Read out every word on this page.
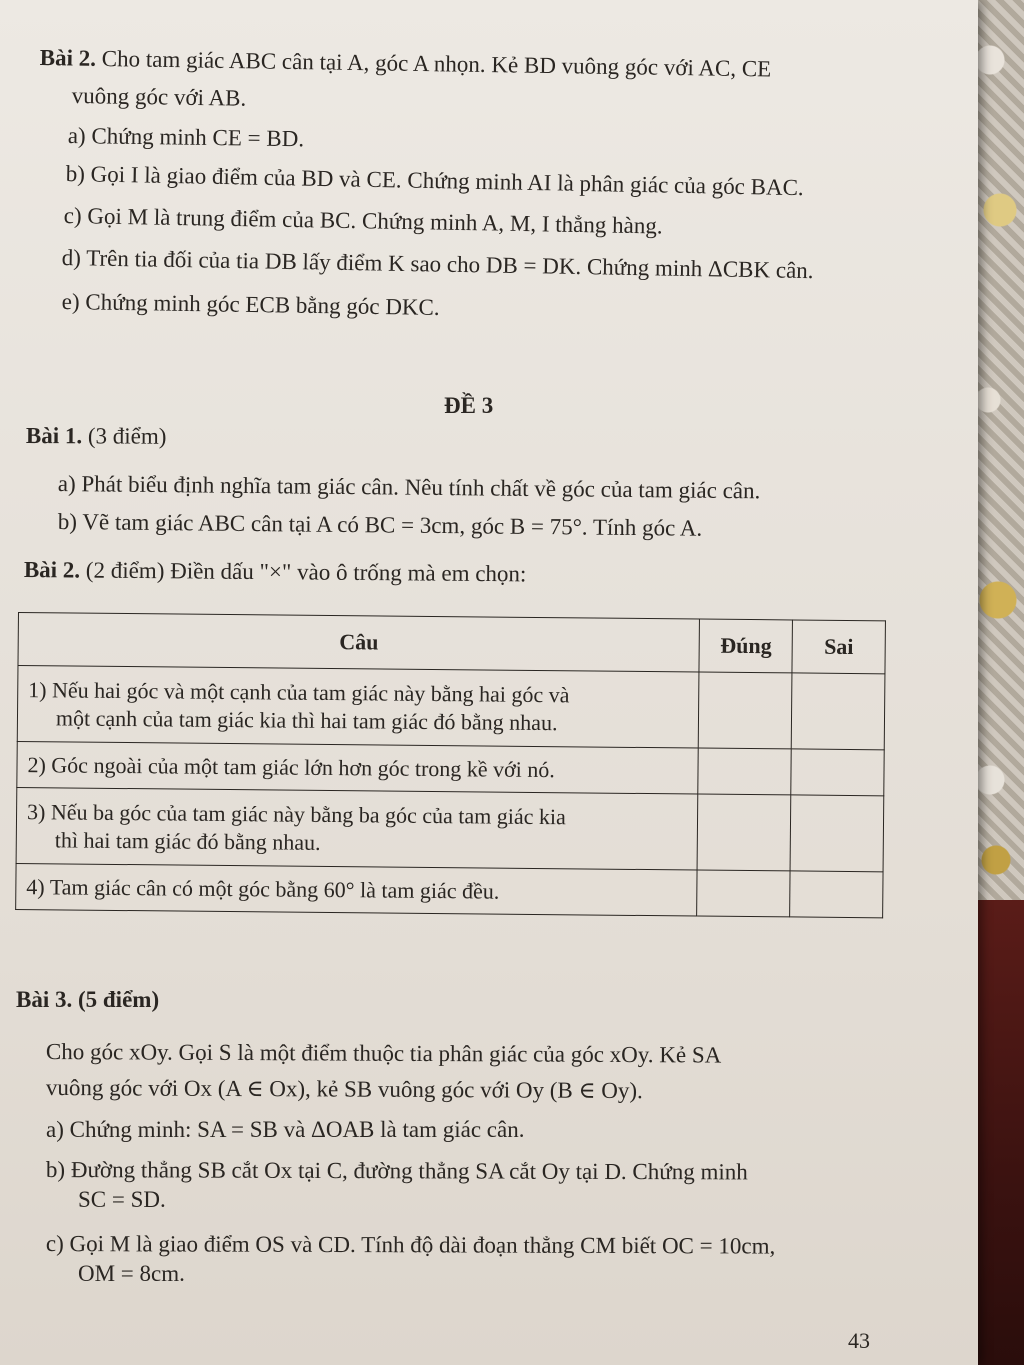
Bài 2. Cho tam giác ABC cân tại A, góc A nhọn. Kẻ BD vuông góc với AC, CE
vuông góc với AB.
a) Chứng minh CE = BD.
b) Gọi I là giao điểm của BD và CE. Chứng minh AI là phân giác của góc BAC.
c) Gọi M là trung điểm của BC. Chứng minh A, M, I thẳng hàng.
d) Trên tia đối của tia DB lấy điểm K sao cho DB = DK. Chứng minh ΔCBK cân.
e) Chứng minh góc ECB bằng góc DKC.
ĐỀ 3
Bài 1. (3 điểm)
a) Phát biểu định nghĩa tam giác cân. Nêu tính chất về góc của tam giác cân.
b) Vẽ tam giác ABC cân tại A có BC = 3cm, góc B = 75°. Tính góc A.
Bài 2. (2 điểm) Điền dấu "×" vào ô trống mà em chọn:
Câu	Đúng	Sai
1) Nếu hai góc và một cạnh của tam giác này bằng hai góc và
một cạnh của tam giác kia thì hai tam giác đó bằng nhau.		

2) Góc ngoài của một tam giác lớn hơn góc trong kề với nó.		
3) Nếu ba góc của tam giác này bằng ba góc của tam giác kia
thì hai tam giác đó bằng nhau.		

4) Tam giác cân có một góc bằng 60° là tam giác đều.		
Bài 3. (5 điểm)
Cho góc xOy. Gọi S là một điểm thuộc tia phân giác của góc xOy. Kẻ SA
vuông góc với Ox (A ∈ Ox), kẻ SB vuông góc với Oy (B ∈ Oy).
a) Chứng minh: SA = SB và ΔOAB là tam giác cân.
b) Đường thẳng SB cắt Ox tại C, đường thẳng SA cắt Oy tại D. Chứng minh
SC = SD.
c) Gọi M là giao điểm OS và CD. Tính độ dài đoạn thẳng CM biết OC = 10cm,
OM = 8cm.
43
